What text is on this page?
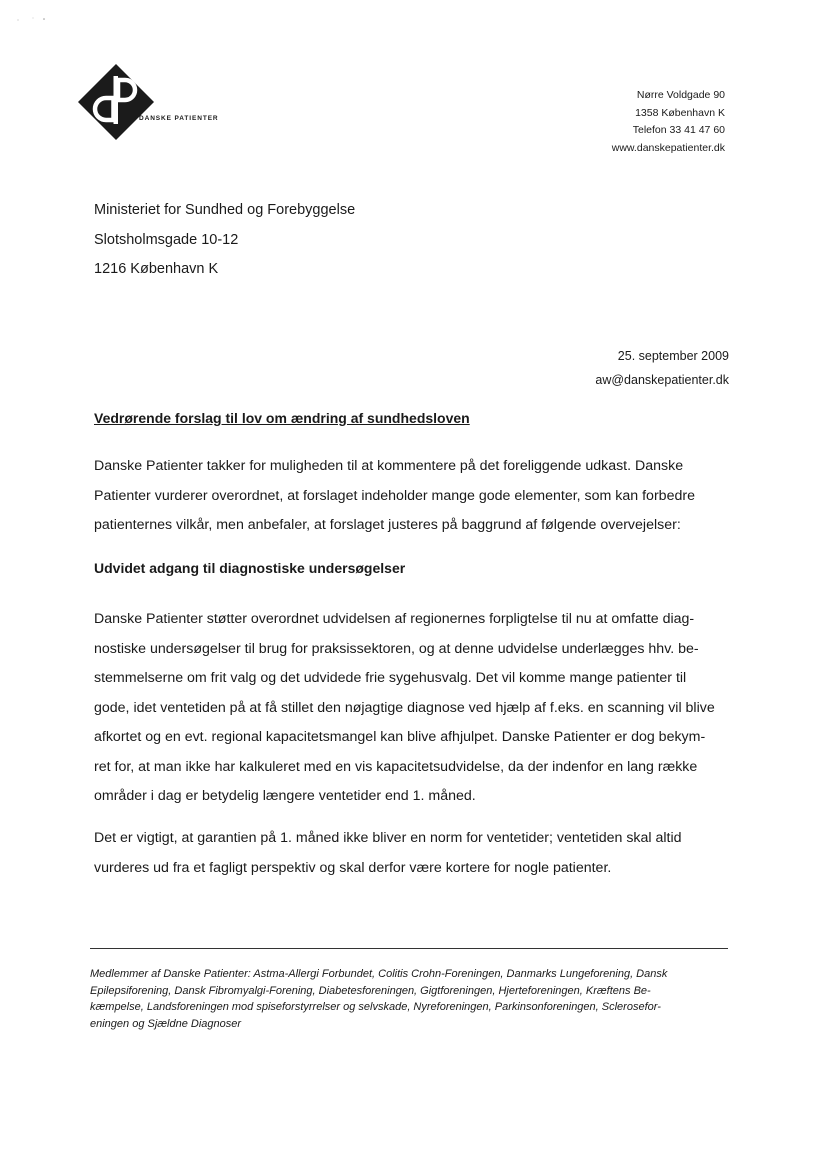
DANSKE PATIENTER
Nørre Voldgade 90
1358 København K
Telefon 33 41 47 60
www.danskepatienter.dk
Ministeriet for Sundhed og Forebyggelse
Slotsholmsgade 10-12
1216 København K
25. september 2009
aw@danskepatienter.dk
Vedrørende forslag til lov om ændring af sundhedsloven
Danske Patienter takker for muligheden til at kommentere på det foreliggende udkast. Danske
Patienter vurderer overordnet, at forslaget indeholder mange gode elementer, som kan forbedre
patienternes vilkår, men anbefaler, at forslaget justeres på baggrund af følgende overvejelser:
Udvidet adgang til diagnostiske undersøgelser
Danske Patienter støtter overordnet udvidelsen af regionernes forpligtelse til nu at omfatte diag-
nostiske undersøgelser til brug for praksissektoren, og at denne udvidelse underlægges hhv. be-
stemmelserne om frit valg og det udvidede frie sygehusvalg. Det vil komme mange patienter til
gode, idet ventetiden på at få stillet den nøjagtige diagnose ved hjælp af f.eks. en scanning vil blive
afkortet og en evt. regional kapacitetsmangel kan blive afhjulpet. Danske Patienter er dog bekym-
ret for, at man ikke har kalkuleret med en vis kapacitetsudvidelse, da der indenfor en lang række
områder i dag er betydelig længere ventetider end 1. måned.
Det er vigtigt, at garantien på 1. måned ikke bliver en norm for ventetider; ventetiden skal altid
vurderes ud fra et fagligt perspektiv og skal derfor være kortere for nogle patienter.
Medlemmer af Danske Patienter: Astma-Allergi Forbundet, Colitis Crohn-Foreningen, Danmarks Lungeforening, Dansk
Epilepsiforening, Dansk Fibromyalgi-Forening, Diabetesforeningen, Gigtforeningen, Hjerteforeningen, Kræftens Be-
kæmpelse, Landsforeningen mod spiseforstyrrelser og selvskade, Nyreforeningen, Parkinsonforeningen, Sclerosefor-
eningen og Sjældne Diagnoser
